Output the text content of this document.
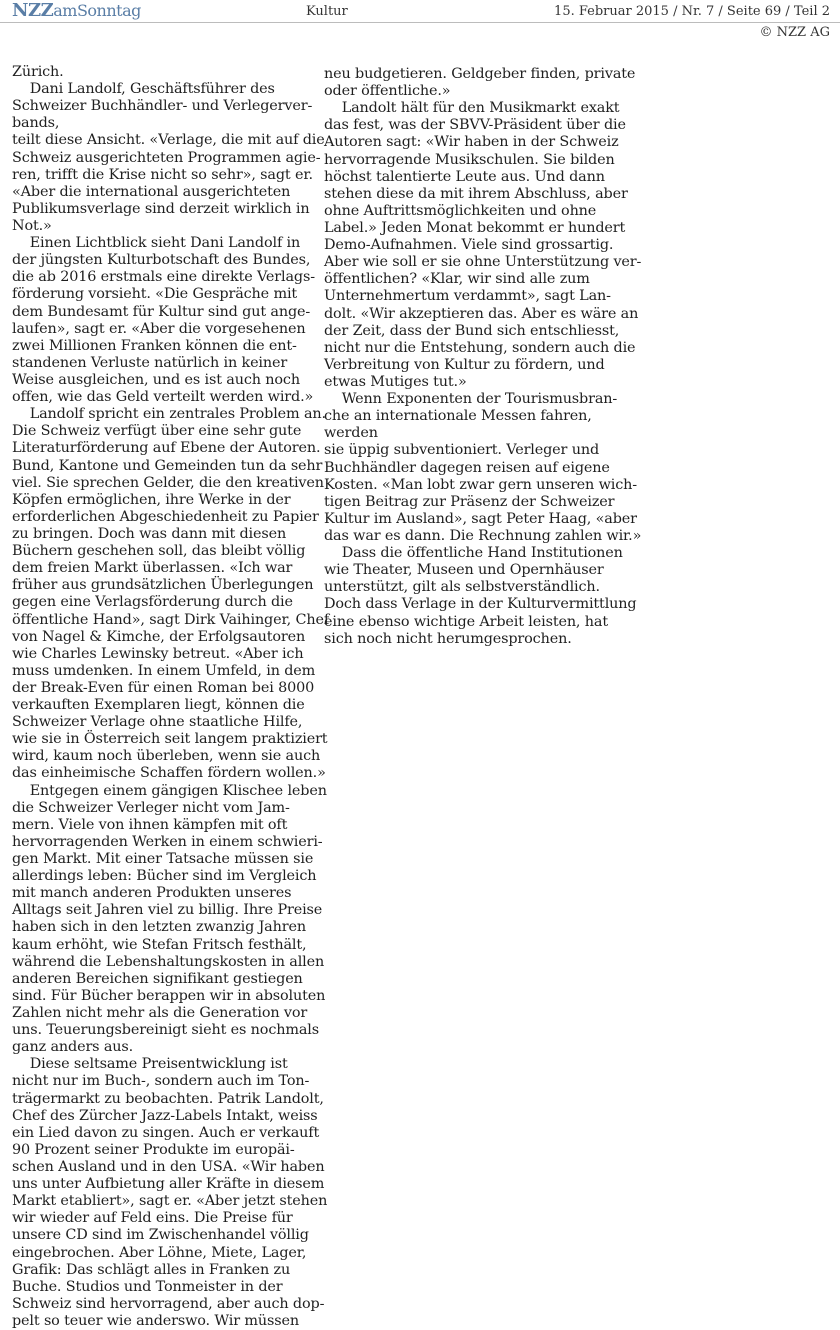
NZZamSonntag	Kultur	15. Februar 2015 / Nr. 7 / Seite 69 / Teil 2
© NZZ AG
Zürich.
Dani Landolf, Geschäftsführer des
Schweizer Buchhändler- und Verlegerver-
bands,
teilt diese Ansicht. «Verlage, die mit auf die
Schweiz ausgerichteten Programmen agie-
ren, trifft die Krise nicht so sehr», sagt er.
«Aber die international ausgerichteten
Publikumsverlage sind derzeit wirklich in
Not.»
Einen Lichtblick sieht Dani Landolf in
der jüngsten Kulturbotschaft des Bundes,
die ab 2016 erstmals eine direkte Verlags-
förderung vorsieht. «Die Gespräche mit
dem Bundesamt für Kultur sind gut ange-
laufen», sagt er. «Aber die vorgesehenen
zwei Millionen Franken können die ent-
standenen Verluste natürlich in keiner
Weise ausgleichen, und es ist auch noch
offen, wie das Geld verteilt werden wird.»
Landolf spricht ein zentrales Problem an.
Die Schweiz verfügt über eine sehr gute
Literaturförderung auf Ebene der Autoren.
Bund, Kantone und Gemeinden tun da sehr
viel. Sie sprechen Gelder, die den kreativen
Köpfen ermöglichen, ihre Werke in der
erforderlichen Abgeschiedenheit zu Papier
zu bringen. Doch was dann mit diesen
Büchern geschehen soll, das bleibt völlig
dem freien Markt überlassen. «Ich war
früher aus grundsätzlichen Überlegungen
gegen eine Verlagsförderung durch die
öffentliche Hand», sagt Dirk Vaihinger, Chef
von Nagel & Kimche, der Erfolgsautoren
wie Charles Lewinsky betreut. «Aber ich
muss umdenken. In einem Umfeld, in dem
der Break-Even für einen Roman bei 8000
verkauften Exemplaren liegt, können die
Schweizer Verlage ohne staatliche Hilfe,
wie sie in Österreich seit langem praktiziert
wird, kaum noch überleben, wenn sie auch
das einheimische Schaffen fördern wollen.»
Entgegen einem gängigen Klischee leben
die Schweizer Verleger nicht vom Jam-
mern. Viele von ihnen kämpfen mit oft
hervorragenden Werken in einem schwieri-
gen Markt. Mit einer Tatsache müssen sie
allerdings leben: Bücher sind im Vergleich
mit manch anderen Produkten unseres
Alltags seit Jahren viel zu billig. Ihre Preise
haben sich in den letzten zwanzig Jahren
kaum erhöht, wie Stefan Fritsch festhält,
während die Lebenshaltungskosten in allen
anderen Bereichen signifikant gestiegen
sind. Für Bücher berappen wir in absoluten
Zahlen nicht mehr als die Generation vor
uns. Teuerungsbereinigt sieht es nochmals
ganz anders aus.
Diese seltsame Preisentwicklung ist
nicht nur im Buch-, sondern auch im Ton-
trägermarkt zu beobachten. Patrik Landolt,
Chef des Zürcher Jazz-Labels Intakt, weiss
ein Lied davon zu singen. Auch er verkauft
90 Prozent seiner Produkte im europäi-
schen Ausland und in den USA. «Wir haben
uns unter Aufbietung aller Kräfte in diesem
Markt etabliert», sagt er. «Aber jetzt stehen
wir wieder auf Feld eins. Die Preise für
unsere CD sind im Zwischenhandel völlig
eingebrochen. Aber Löhne, Miete, Lager,
Grafik: Das schlägt alles in Franken zu
Buche. Studios und Tonmeister in der
Schweiz sind hervorragend, aber auch dop-
pelt so teuer wie anderswo. Wir müssen
neu budgetieren. Geldgeber finden, private
oder öffentliche.»
Landolt hält für den Musikmarkt exakt
das fest, was der SBVV-Präsident über die
Autoren sagt: «Wir haben in der Schweiz
hervorragende Musikschulen. Sie bilden
höchst talentierte Leute aus. Und dann
stehen diese da mit ihrem Abschluss, aber
ohne Auftrittsmöglichkeiten und ohne
Label.» Jeden Monat bekommt er hundert
Demo-Aufnahmen. Viele sind grossartig.
Aber wie soll er sie ohne Unterstützung ver-
öffentlichen? «Klar, wir sind alle zum
Unternehmertum verdammt», sagt Lan-
dolt. «Wir akzeptieren das. Aber es wäre an
der Zeit, dass der Bund sich entschliesst,
nicht nur die Entstehung, sondern auch die
Verbreitung von Kultur zu fördern, und
etwas Mutiges tut.»
Wenn Exponenten der Tourismusbran-
che an internationale Messen fahren,
werden
sie üppig subventioniert. Verleger und
Buchhändler dagegen reisen auf eigene
Kosten. «Man lobt zwar gern unseren wich-
tigen Beitrag zur Präsenz der Schweizer
Kultur im Ausland», sagt Peter Haag, «aber
das war es dann. Die Rechnung zahlen wir.»
Dass die öffentliche Hand Institutionen
wie Theater, Museen und Opernhäuser
unterstützt, gilt als selbstverständlich.
Doch dass Verlage in der Kulturvermittlung
eine ebenso wichtige Arbeit leisten, hat
sich noch nicht herumgesprochen.
